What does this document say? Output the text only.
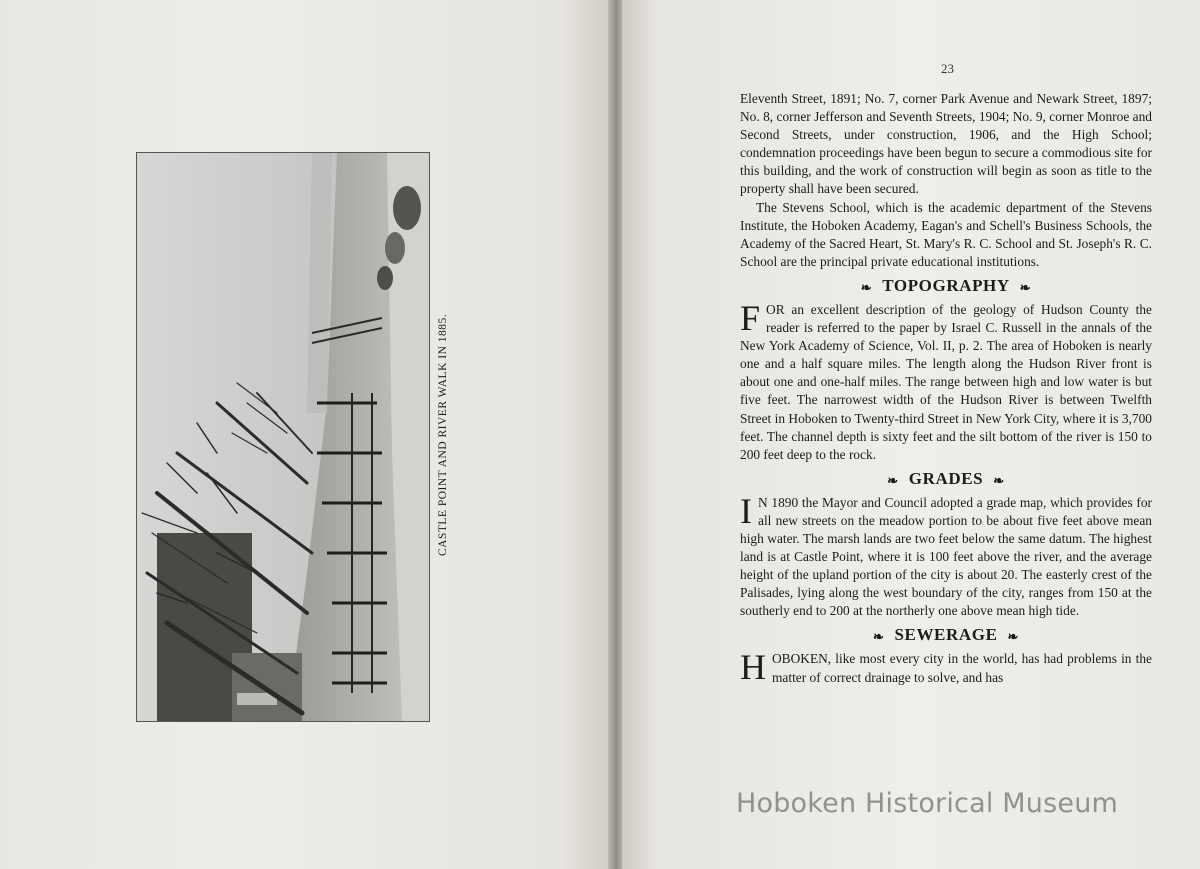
CASTLE POINT AND RIVER WALK IN 1885.
23

Eleventh Street, 1891; No. 7, corner Park Avenue and Newark Street, 1897; No. 8, corner Jefferson and Seventh Streets, 1904; No. 9, corner Monroe and Second Streets, under construction, 1906, and the High School; condemnation proceedings have been begun to secure a commodious site for this building, and the work of construction will begin as soon as title to the property shall have been secured.

The Stevens School, which is the academic department of the Stevens Institute, the Hoboken Academy, Eagan's and Schell's Business Schools, the Academy of the Sacred Heart, St. Mary's R. C. School and St. Joseph's R. C. School are the principal private educational institutions.

❧ TOPOGRAPHY ❧

FOR an excellent description of the geology of Hudson County the reader is referred to the paper by Israel C. Russell in the annals of the New York Academy of Science, Vol. II, p. 2. The area of Hoboken is nearly one and a half square miles. The length along the Hudson River front is about one and one-half miles. The range between high and low water is but five feet. The narrowest width of the Hudson River is between Twelfth Street in Hoboken to Twenty-third Street in New York City, where it is 3,700 feet. The channel depth is sixty feet and the silt bottom of the river is 150 to 200 feet deep to the rock.

❧ GRADES ❧

I N 1890 the Mayor and Council adopted a grade map, which provides for all new streets on the meadow portion to be about five feet above mean high water. The marsh lands are two feet below the same datum. The highest land is at Castle Point, where it is 100 feet above the river, and the average height of the upland portion of the city is about 20. The easterly crest of the Palisades, lying along the west boundary of the city, ranges from 150 at the southerly end to 200 at the northerly one above mean high tide.

❧ SEWERAGE ❧

HOBOKEN, like most every city in the world, has had problems in the matter of correct drainage to solve, and has

Hoboken Historical Museum
